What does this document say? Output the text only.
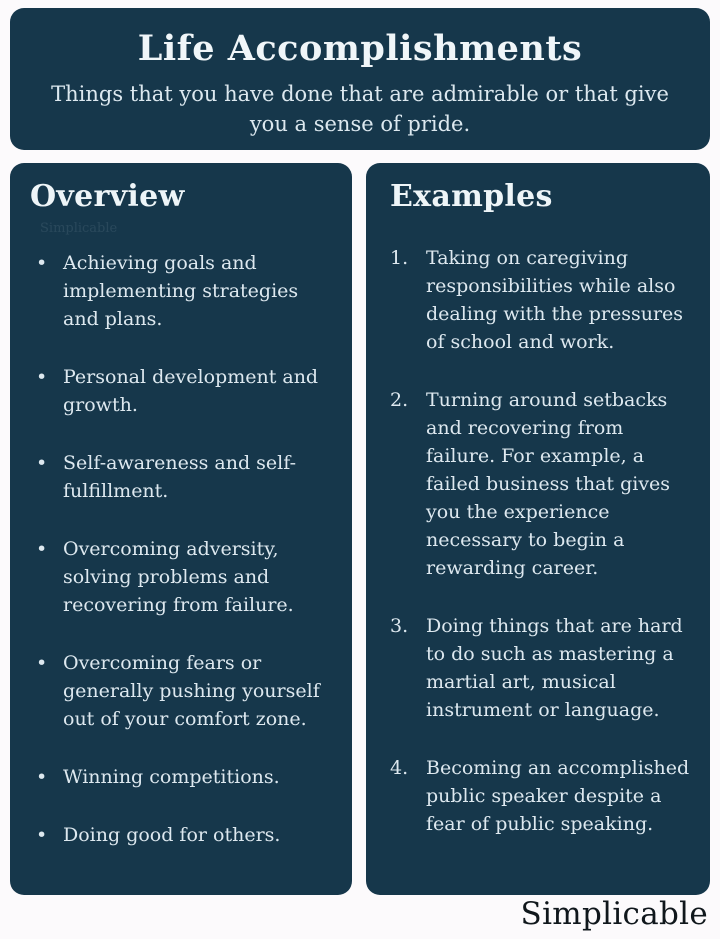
Life Accomplishments

Things that you have done that are admirable or that give you a sense of pride.

Overview
Simplicable
• Achieving goals and implementing strategies and plans.
• Personal development and growth.
• Self-awareness and self-fulfillment.
• Overcoming adversity, solving problems and recovering from failure.
• Overcoming fears or generally pushing yourself out of your comfort zone.
• Winning competitions.
• Doing good for others.
Examples
1. Taking on caregiving responsibilities while also dealing with the pressures of school and work.
2. Turning around setbacks and recovering from failure. For example, a failed business that gives you the experience necessary to begin a rewarding career.
3. Doing things that are hard to do such as mastering a martial art, musical instrument or language.
4. Becoming an accomplished public speaker despite a fear of public speaking.
Simplicable
